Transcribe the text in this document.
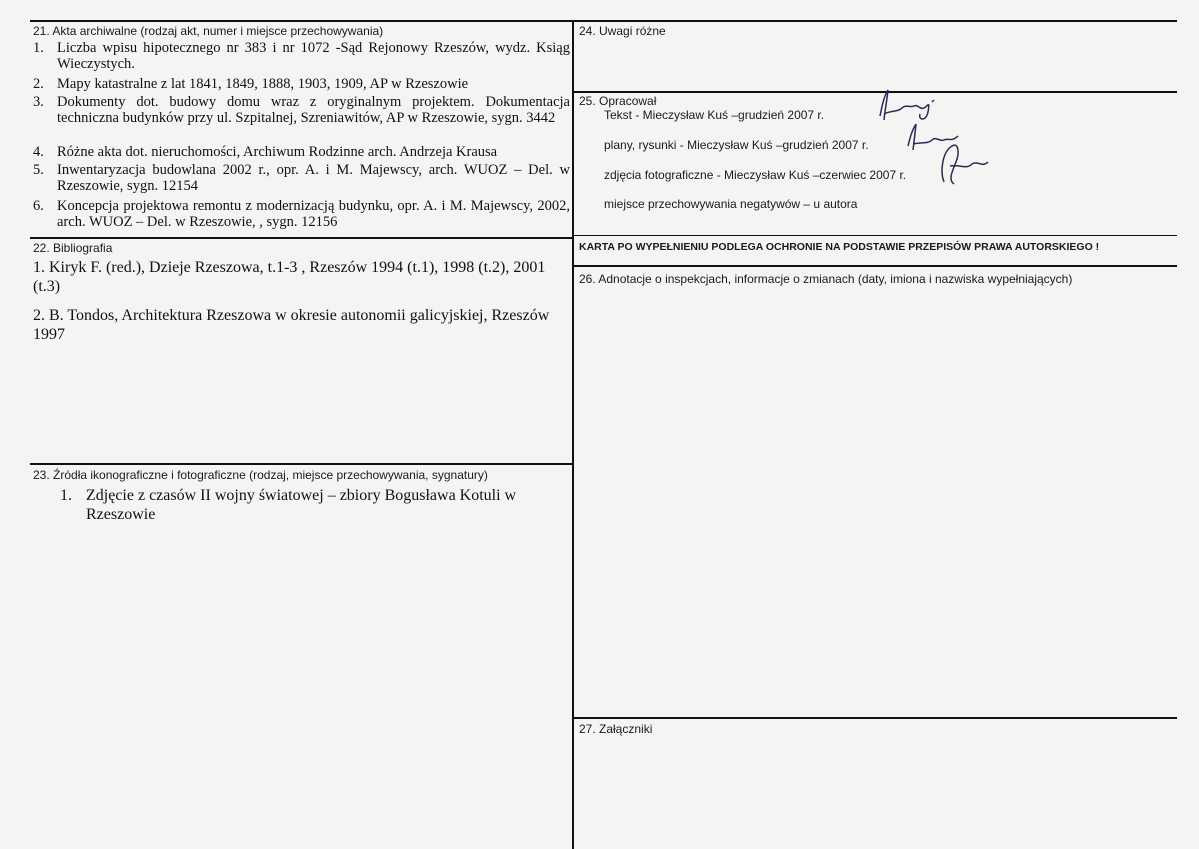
21. Akta archiwalne (rodzaj akt, numer i miejsce przechowywania)
1. Liczba wpisu hipotecznego nr 383 i nr 1072 -Sąd Rejonowy Rzeszów, wydz. Ksiąg Wieczystych.
2. Mapy katastralne z lat 1841, 1849, 1888, 1903, 1909, AP w Rzeszowie
3. Dokumenty dot. budowy domu wraz z oryginalnym projektem. Dokumentacja techniczna budynków przy ul. Szpitalnej, Szreniawitów, AP w Rzeszowie, sygn. 3442
4. Różne akta dot. nieruchomości, Archiwum Rodzinne arch. Andrzeja Krausa
5. Inwentaryzacja budowlana 2002 r., opr. A. i M. Majewscy, arch. WUOZ – Del. w Rzeszowie, sygn. 12154
6. Koncepcja projektowa remontu z modernizacją budynku, opr. A. i M. Majewscy, 2002, arch. WUOZ – Del. w Rzeszowie, , sygn. 12156
22. Bibliografia

1. Kiryk F. (red.), Dzieje Rzeszowa, t.1-3 , Rzeszów 1994 (t.1), 1998 (t.2), 2001 (t.3)

2. B. Tondos, Architektura Rzeszowa w okresie autonomii galicyjskiej, Rzeszów 1997

23. Źródła ikonograficzne i fotograficzne (rodzaj, miejsce przechowywania, sygnatury)
1. Zdjęcie z czasów II wojny światowej – zbiory Bogusława Kotuli w Rzeszowie
24. Uwagi różne
25. Opracował
Tekst - Mieczysław Kuś –grudzień 2007 r.
plany, rysunki - Mieczysław Kuś –grudzień 2007 r.
zdjęcia fotograficzne - Mieczysław Kuś –czerwiec 2007 r.
miejsce przechowywania negatywów – u autora
KARTA PO WYPEŁNIENIU PODLEGA OCHRONIE NA PODSTAWIE PRZEPISÓW PRAWA AUTORSKIEGO !
26. Adnotacje o inspekcjach, informacje o zmianach (daty, imiona i nazwiska wypełniających)
27. Załączniki
